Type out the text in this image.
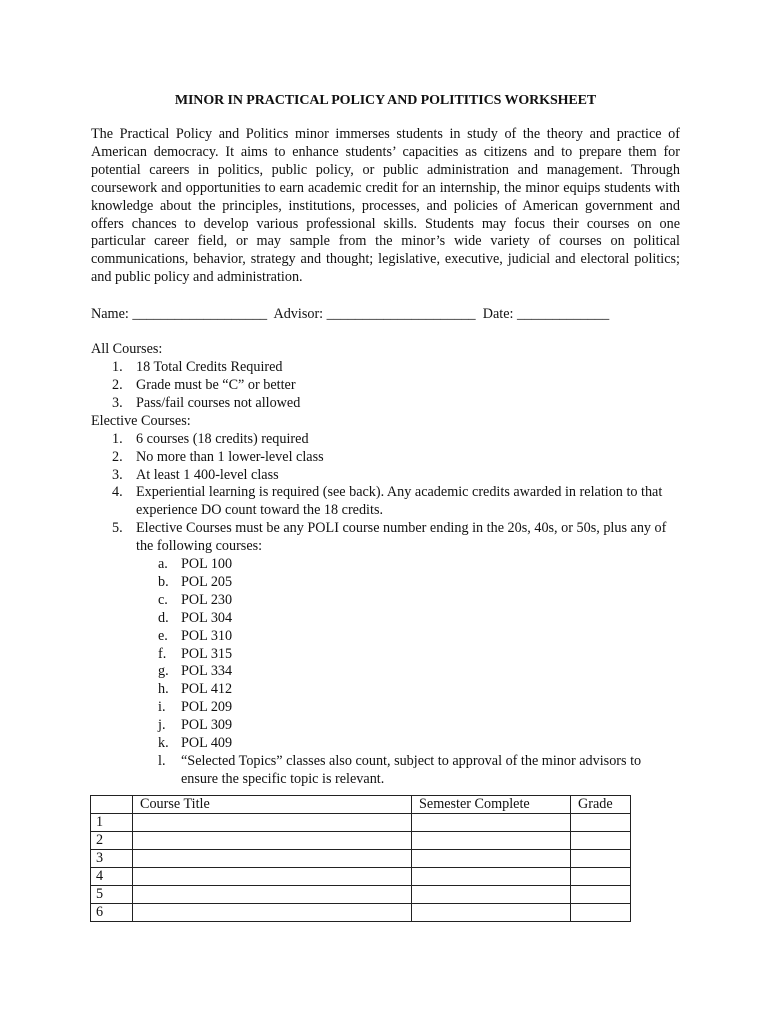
MINOR IN PRACTICAL POLICY AND POLITITICS WORKSHEET
The Practical Policy and Politics minor immerses students in study of the theory and practice of American democracy. It aims to enhance students’ capacities as citizens and to prepare them for potential careers in politics, public policy, or public administration and management. Through coursework and opportunities to earn academic credit for an internship, the minor equips students with knowledge about the principles, institutions, processes, and policies of American government and offers chances to develop various professional skills. Students may focus their courses on one particular career field, or may sample from the minor’s wide variety of courses on political communications, behavior, strategy and thought; legislative, executive, judicial and electoral politics; and public policy and administration.
Name: ___________________  Advisor: _____________________  Date: _____________
All Courses:
1. 18 Total Credits Required
2. Grade must be “C” or better
3. Pass/fail courses not allowed
Elective Courses:
1. 6 courses (18 credits) required
2. No more than 1 lower-level class
3. At least 1 400-level class
4. Experiential learning is required (see back). Any academic credits awarded in relation to that experience DO count toward the 18 credits.
5. Elective Courses must be any POLI course number ending in the 20s, 40s, or 50s, plus any of the following courses:
a. POL 100
b. POL 205
c. POL 230
d. POL 304
e. POL 310
f.	POL 315
g. POL 334
h. POL 412
i.	POL 209
j.	POL 309
k. POL 409
l.	“Selected Topics” classes also count, subject to approval of the minor advisors to ensure the specific topic is relevant.
	Course Title	Semester Complete	Grade
1			
2			
3			
4			
5			
6			
